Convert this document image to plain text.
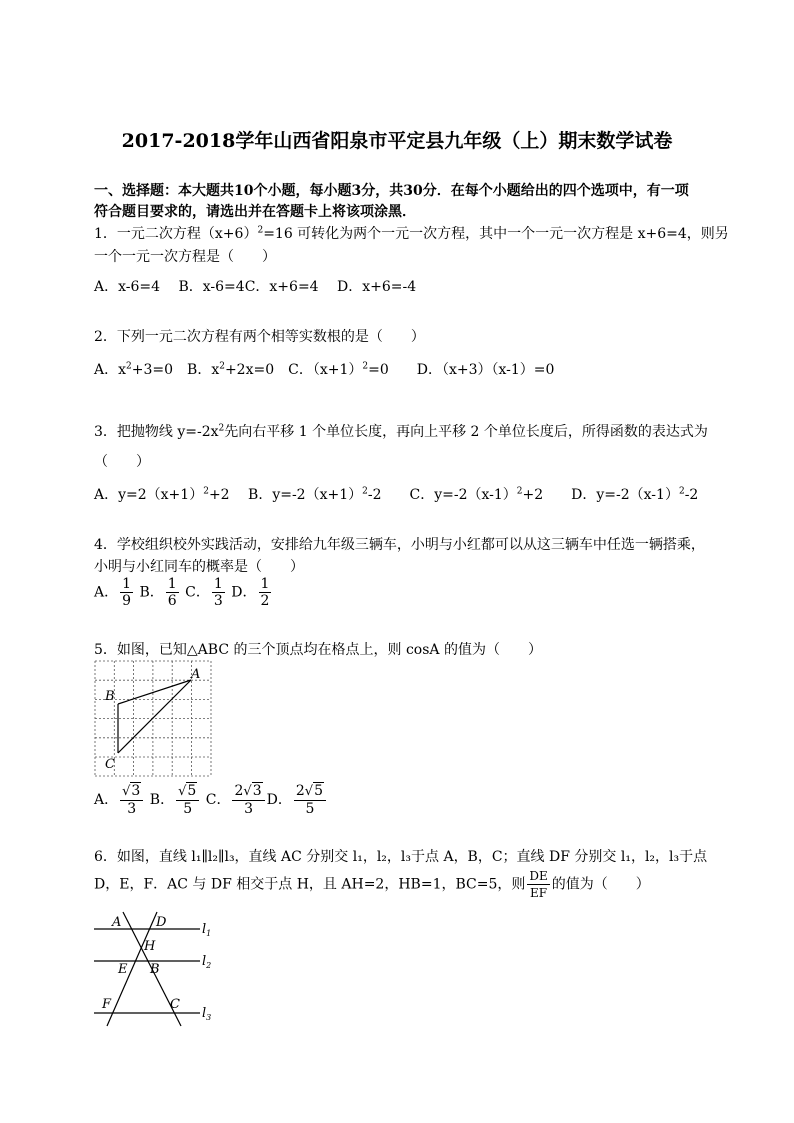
2017-2018学年山西省阳泉市平定县九年级（上）期末数学试卷
一、选择题：本大题共10个小题，每小题3分，共30分．在每个小题给出的四个选项中，有一项
符合题目要求的，请选出并在答题卡上将该项涂黑．
1．一元二次方程$(x+6)^2=16$ 可转化为两个一元一次方程，其中一个一元一次方程是 x+6=4，则另
一个一元一次方程是（　　）
A．x-6=4　 B．x-6=4C．x+6=4　 D．x+6=-4
2．下列一元二次方程有两个相等实数根的是（　　）
A．$x^2+3=0$　B．$x^2+2x=0$　C．$(x+1)^2=0$　　D．（x+3）（x-1）=0
3．把抛物线 $y=-2x^2$先向右平移 1 个单位长度，再向上平移 2 个单位长度后，所得函数的表达式为
（　　）
A．$y=2(x+1)^2+2$　 B．$y=-2(x+1)^2-2$　　C．$y=-2(x-1)^2+2$　　D．$y=-2(x-1)^2-2$
4．学校组织校外实践活动，安排给九年级三辆车，小明与小红都可以从这三辆车中任选一辆搭乘，
小明与小红同车的概率是（　　）
A． $\frac{1}{9}$ B． $\frac{1}{6}$ C． $\frac{1}{3}$ D． $\frac{1}{2}$
5．如图，已知△ABC 的三个顶点均在格点上，则 cosA 的值为（　　）
A
B
C
A． $\frac{√3}{3}$ B． $\frac{√5}{5}$ C． $\frac{2√3}{3}$ D． $\frac{2√5}{5}$
6．如图，直线 l₁∥l₂∥l₃，直线 AC 分别交 l₁，l₂，l₃于点 A，B，C；直线 DF 分别交 l₁，l₂，l₃于点
D，E，F．AC 与 DF 相交于点 H，且 AH=2，HB=1，BC=5，则 $\frac{DE}{EF}$ 的值为（　　）
A	D
H
E B
F	C
$l_1$
$l_2$
$l_3$
